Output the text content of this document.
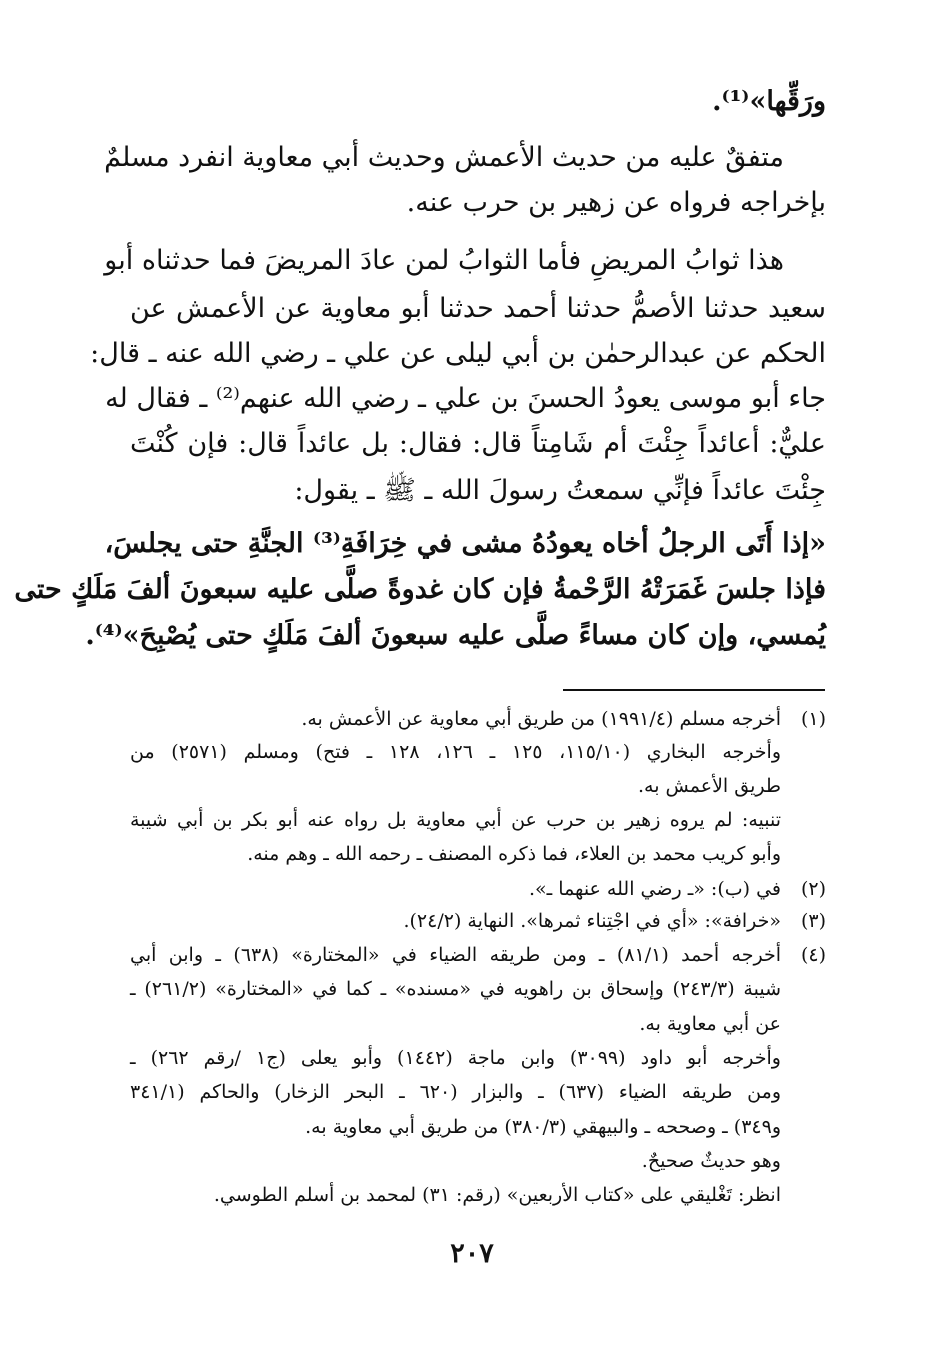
ورَقِّها»⁽¹⁾.
متفقٌ عليه من حديث الأعمش وحديث أبي معاوية انفرد مسلمٌ
بإخراجه فرواه عن زهير بن حرب عنه.
هذا ثوابُ المريضِ فأما الثوابُ لمن عادَ المريضَ فما حدثناه أبو
سعيد حدثنا الأصمُّ حدثنا أحمد حدثنا أبو معاوية عن الأعمش عن
الحكم عن عبدالرحمٰن بن أبي ليلى عن علي ـ رضي الله عنه ـ قال:
جاء أبو موسى يعودُ الحسنَ بن علي ـ رضي الله عنهم⁽²⁾ ـ فقال له
عليٌّ: أعائداً جِئْتَ أم شَامِتاً قال: فقال: بل عائداً قال: فإن كُنْتَ
جِئْتَ عائداً فإنِّي سمعتُ رسولَ الله ـ ﷺ ـ يقول:
«إذا أَتَى الرجلُ أخاه يعودُهُ مشى في خِرَافَةِ⁽³⁾ الجنَّةِ حتى يجلسَ،
فإذا جلسَ غَمَرَتْهُ الرَّحْمةُ فإن كان غدوةً صلَّى عليه سبعونَ ألفَ مَلَكٍ حتى
يُمسي، وإن كان مساءً صلَّى عليه سبعونَ ألفَ مَلَكٍ حتى يُصْبِحَ»⁽⁴⁾.
(١)
أخرجه مسلم (١٩٩١/٤) من طريق أبي معاوية عن الأعمش به.
وأخرجه البخاري (١١٥/١٠، ١٢٥ ـ ١٢٦، ١٢٨ ـ فتح) ومسلم (٢٥٧١) من
طريق الأعمش به.
تنبيه: لم يروه زهير بن حرب عن أبي معاوية بل رواه عنه أبو بكر بن أبي شيبة
وأبو كريب محمد بن العلاء، فما ذكره المصنف ـ رحمه الله ـ وهم منه.
(٢)
في (ب): «ـ رضي الله عنهما ـ».
(٣)
«خرافة»: «أي في اجْتِناء ثمرها». النهاية (٢٤/٢).
(٤)
أخرجه أحمد (٨١/١) ـ ومن طريقه الضياء في «المختارة» (٦٣٨) ـ وابن أبي
شيبة (٢٤٣/٣) وإسحاق بن راهويه في «مسنده» ـ كما في «المختارة» (٢٦١/٢) ـ
عن أبي معاوية به.
وأخرجه أبو داود (٣٠٩٩) وابن ماجة (١٤٤٢) وأبو يعلى (ج١ /رقم ٢٦٢) ـ
ومن طريقه الضياء (٦٣٧) ـ والبزار (٦٢٠ ـ البحر الزخار) والحاكم (٣٤١/١
و٣٤٩) ـ وصححه ـ والبيهقي (٣٨٠/٣) من طريق أبي معاوية به.
وهو حديثٌ صحيحٌ.
انظر: تَغْليقي على «كتاب الأربعين» (رقم: ٣١) لمحمد بن أسلم الطوسي.
٢٠٧
